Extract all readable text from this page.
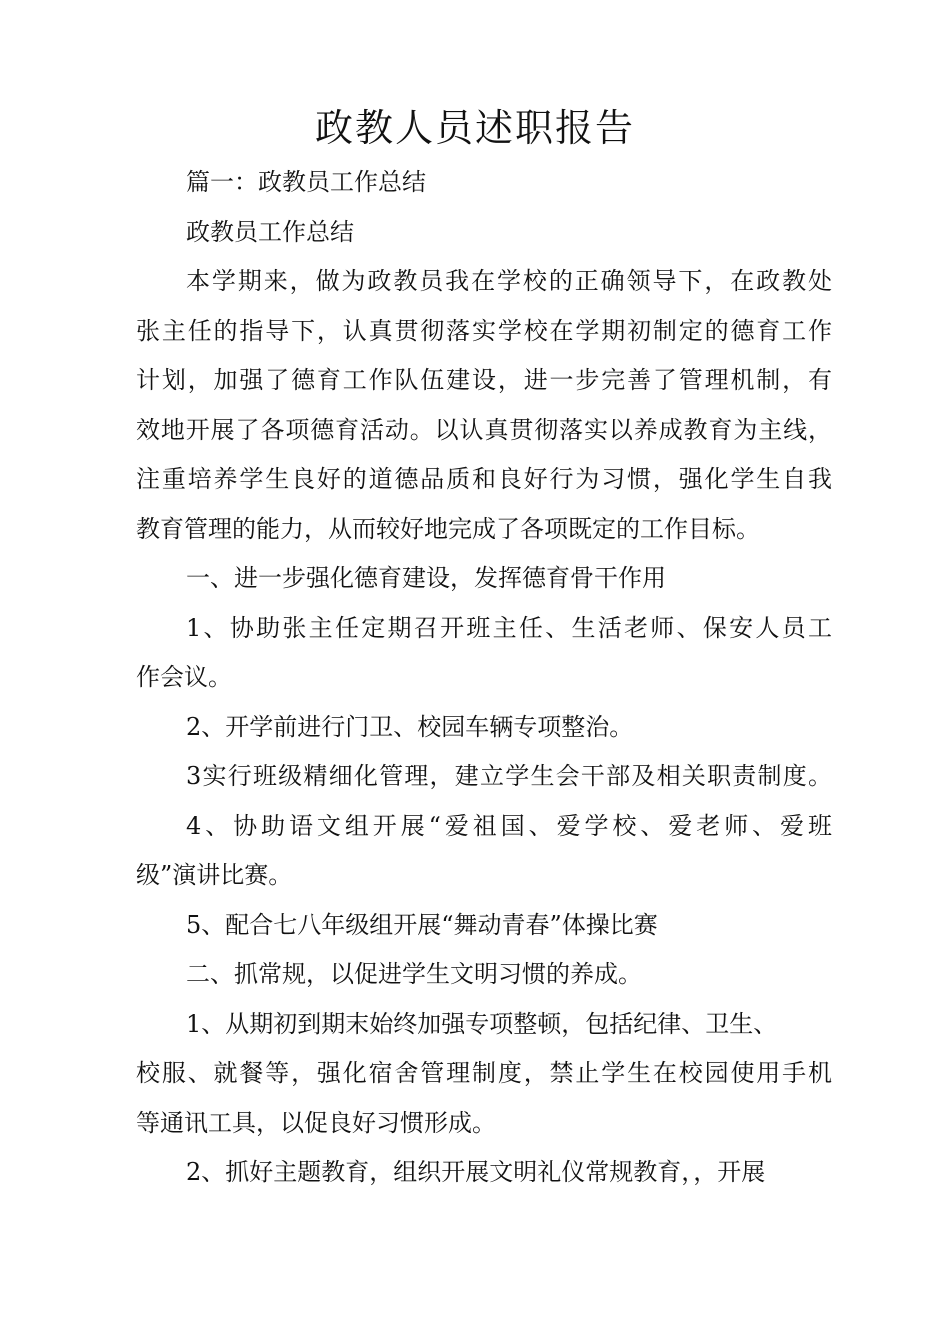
政教人员述职报告
篇一：政教员工作总结
政教员工作总结
本学期来，做为政教员我在学校的正确领导下，在政教处
张主任的指导下，认真贯彻落实学校在学期初制定的德育工作
计划，加强了德育工作队伍建设，进一步完善了管理机制，有
效地开展了各项德育活动。以认真贯彻落实以养成教育为主线，
注重培养学生良好的道德品质和良好行为习惯，强化学生自我
教育管理的能力，从而较好地完成了各项既定的工作目标。
一、进一步强化德育建设，发挥德育骨干作用
1、协助张主任定期召开班主任、生活老师、保安人员工
作会议。
2、开学前进行门卫、校园车辆专项整治。
3实行班级精细化管理，建立学生会干部及相关职责制度。
4、协助语文组开展“爱祖国、爱学校、爱老师、爱班
级”演讲比赛。
5、配合七八年级组开展“舞动青春”体操比赛
二、抓常规，以促进学生文明习惯的养成。
1、从期初到期末始终加强专项整顿，包括纪律、卫生、
校服、就餐等，强化宿舍管理制度，禁止学生在校园使用手机
等通讯工具，以促良好习惯形成。
2、抓好主题教育，组织开展文明礼仪常规教育，，开展
